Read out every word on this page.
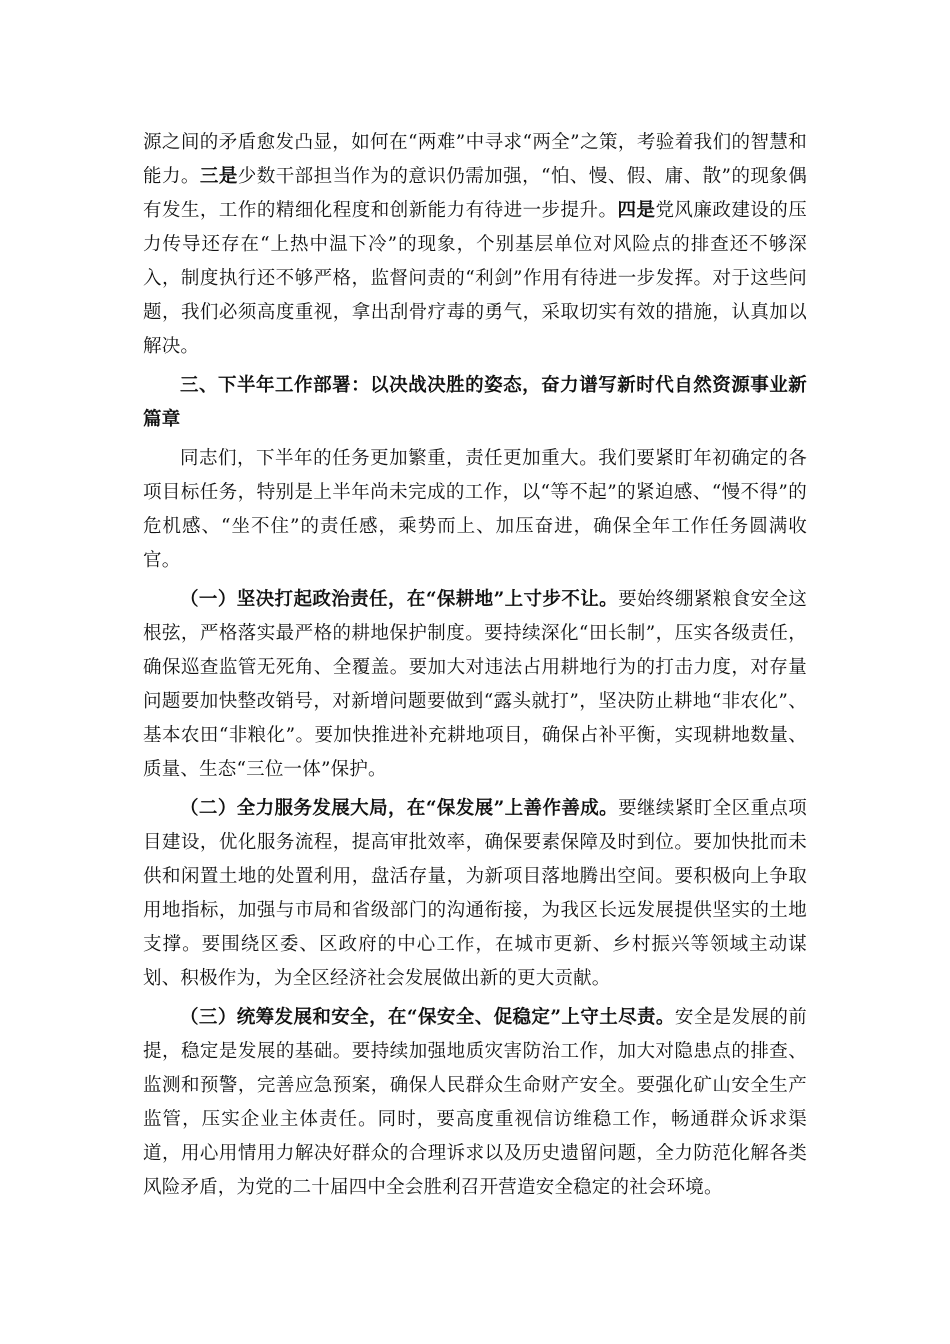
源之间的矛盾愈发凸显，如何在“两难”中寻求“两全”之策，考验着我们的智慧和能力。三是少数干部担当作为的意识仍需加强，“怕、慢、假、庸、散”的现象偶有发生，工作的精细化程度和创新能力有待进一步提升。四是党风廉政建设的压力传导还存在“上热中温下冷”的现象，个别基层单位对风险点的排查还不够深入，制度执行还不够严格，监督问责的“利剑”作用有待进一步发挥。对于这些问题，我们必须高度重视，拿出刮骨疗毒的勇气，采取切实有效的措施，认真加以解决。

三、下半年工作部署：以决战决胜的姿态，奋力谱写新时代自然资源事业新篇章

同志们，下半年的任务更加繁重，责任更加重大。我们要紧盯年初确定的各项目标任务，特别是上半年尚未完成的工作，以“等不起”的紧迫感、“慢不得”的危机感、“坐不住”的责任感，乘势而上、加压奋进，确保全年工作任务圆满收官。

（一）坚决打起政治责任，在“保耕地”上寸步不让。要始终绷紧粮食安全这根弦，严格落实最严格的耕地保护制度。要持续深化“田长制”，压实各级责任，确保巡查监管无死角、全覆盖。要加大对违法占用耕地行为的打击力度，对存量问题要加快整改销号，对新增问题要做到“露头就打”，坚决防止耕地“非农化”、基本农田“非粮化”。要加快推进补充耕地项目，确保占补平衡，实现耕地数量、质量、生态“三位一体”保护。

（二）全力服务发展大局，在“保发展”上善作善成。要继续紧盯全区重点项目建设，优化服务流程，提高审批效率，确保要素保障及时到位。要加快批而未供和闲置土地的处置利用，盘活存量，为新项目落地腾出空间。要积极向上争取用地指标，加强与市局和省级部门的沟通衔接，为我区长远发展提供坚实的土地支撑。要围绕区委、区政府的中心工作，在城市更新、乡村振兴等领域主动谋划、积极作为，为全区经济社会发展做出新的更大贡献。

（三）统筹发展和安全，在“保安全、促稳定”上守土尽责。安全是发展的前提，稳定是发展的基础。要持续加强地质灾害防治工作，加大对隐患点的排查、监测和预警，完善应急预案，确保人民群众生命财产安全。要强化矿山安全生产监管，压实企业主体责任。同时，要高度重视信访维稳工作，畅通群众诉求渠道，用心用情用力解决好群众的合理诉求以及历史遗留问题，全力防范化解各类风险矛盾，为党的二十届四中全会胜利召开营造安全稳定的社会环境。
